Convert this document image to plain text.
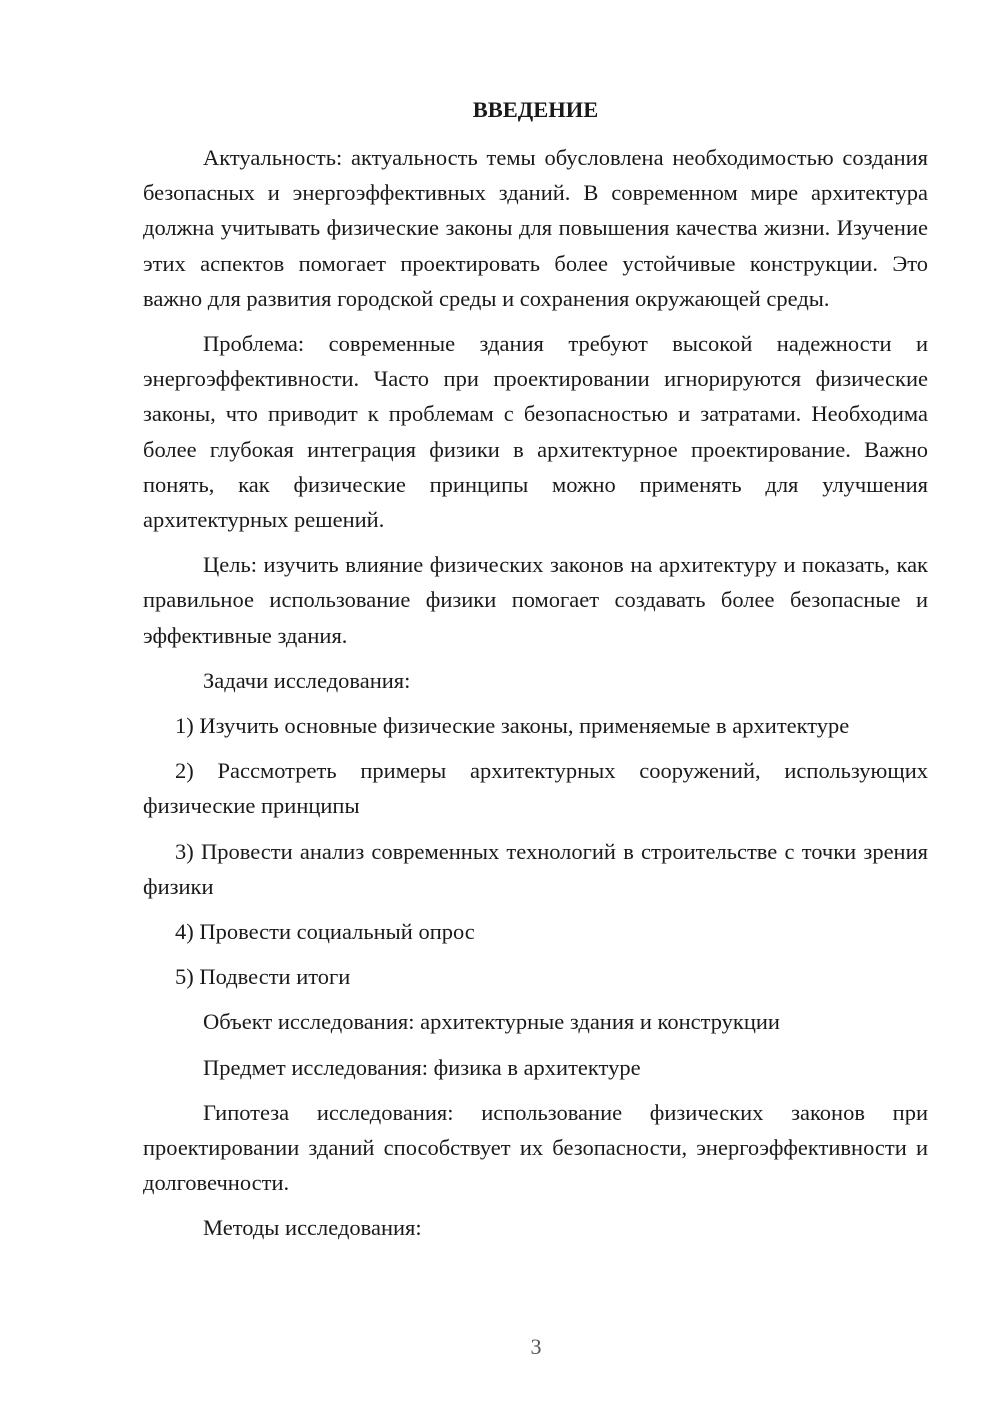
ВВЕДЕНИЕ

Актуальность: актуальность темы обусловлена необходимостью создания безопасных и энергоэффективных зданий. В современном мире архитектура должна учитывать физические законы для повышения качества жизни. Изучение этих аспектов помогает проектировать более устойчивые конструкции. Это важно для развития городской среды и сохранения окружающей среды.

Проблема: современные здания требуют высокой надежности и энергоэффективности. Часто при проектировании игнорируются физические законы, что приводит к проблемам с безопасностью и затратами. Необходима более глубокая интеграция физики в архитектурное проектирование. Важно понять, как физические принципы можно применять для улучшения архитектурных решений.

Цель: изучить влияние физических законов на архитектуру и показать, как правильное использование физики помогает создавать более безопасные и эффективные здания.

Задачи исследования:

1) Изучить основные физические законы, применяемые в архитектуре

2) Рассмотреть примеры архитектурных сооружений, использующих физические принципы

3) Провести анализ современных технологий в строительстве с точки зрения физики

4) Провести социальный опрос

5) Подвести итоги

Объект исследования: архитектурные здания и конструкции

Предмет исследования: физика в архитектуре

Гипотеза исследования: использование физических законов при проектировании зданий способствует их безопасности, энергоэффективности и долговечности.

Методы исследования:

3
